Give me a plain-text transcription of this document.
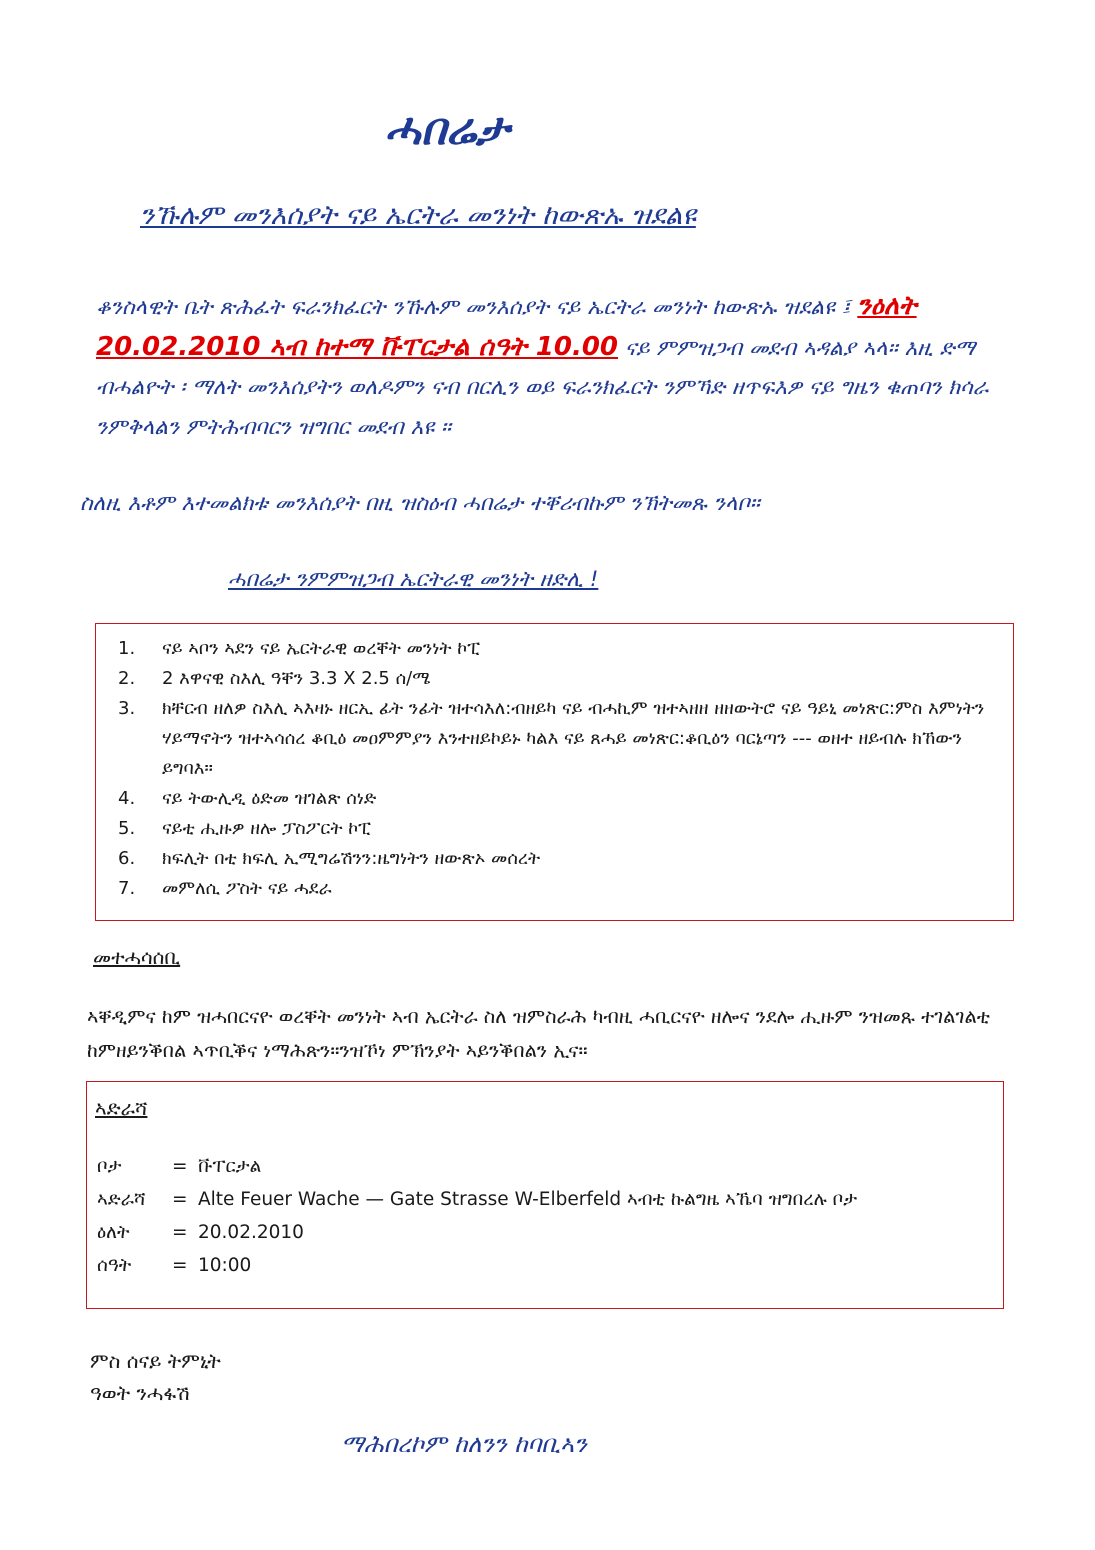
ሓበሬታ
ንኹሉም መንእሰያት ናይ ኤርትራ መንነት ከውጽኡ ዝደልዩ
ቆንስላዊት ቤት ጽሕፈት ፍራንክፈርት ንኹሉም መንእሰያት ናይ ኤርትራ መንነት ከውጽኡ ዝደልዩ ፤ ንዕለት 20.02.2010 ኣብ ከተማ ቩፐርታል ሰዓት 10.00 ናይ ምምዝጋብ መደብ ኣዳልያ ኣላ። እዚ ድማ ብሓልዮት ፡ ማለት መንእሰያትን ወለዶምን ናብ በርሊን ወይ ፍራንክፈርት ንምኻድ ዘጥፍእዎ ናይ ግዜን ቁጠባን ክሳራ ንምቅላልን ምትሕብባርን ዝግበር መደብ እዩ ።
ስለዚ እቶም እተመልክቱ መንእሰያት በዚ ዝስዕብ ሓበሬታ ተቐሪብኩም ንኽትመጹ ንላቦ።
ሓበሬታ ንምምዝጋብ ኤርትራዊ መንነት ዘድሊ !
1.	ናይ ኣቦን ኣደን ናይ ኤርትራዊ ወረቐት መንነት ኮፒ
2.	2 እዋናዊ ስእሊ ዓቐን 3.3 X 2.5 ሰ/ሜ
3.	ክቸርብ ዘለዎ ስእሊ ኣእዛኑ ዘርኢ ፊት ንፊት ዝተሳእለ:ብዘይካ ናይ ብሓኪም ዝተኣዘዘ ዘዘውትሮ ናይ ዓይኒ መነጽር:ምስ እምነትን ሃይማኖትን ዝተኣሳሰረ ቆቢዕ መዐምምያን እንተዘይኮይኑ ካልእ ናይ ጸሓይ መነጽር:ቆቢዕን ባርኔጣን --- ወዘተ ዘይብሉ ክኸውን ይግባእ።
4.	ናይ ትውሊዲ ዕድመ ዝገልጽ ሰነድ
5.	ናይቲ ሒዙዎ ዘሎ ፓስፖርት ኮፒ
6.	ክፍሊት በቲ ክፍሊ ኢሚግሬሽንን:ዜግነትን ዘውጽኦ መሰረት
7.	መምለሲ ፖስት ናይ ሓደራ
መተሓሳሰቢ
ኣቐዲምና ከም ዝሓበርናዮ ወረቐት መንነት ኣብ ኤርትራ ስለ ዝምስራሕ ካብዚ ሓቢርናዮ ዘሎና ንደሎ ሒዙም ንዝመጹ ተገልገልቲ ከምዘይንቕበል ኣጥቢቕና ነማሕጽን።ንዝኾነ ምኽንያት ኣይንቕበልን ኢና።
ኣድራሻ
ቦታ	= ቩፐርታል
ኣድራሻ	= Alte Feuer Wache — Gate Strasse W-Elberfeld ኣብቲ ኩልግዜ ኣኼባ ዝግበረሉ ቦታ
ዕለት	= 20.02.2010
ሰዓት	= 10:00
ምስ ሰናይ ትምኒት
ዓወት ንሓፋሽ
ማሕበረኮም ከለንን ከባቢኣን
